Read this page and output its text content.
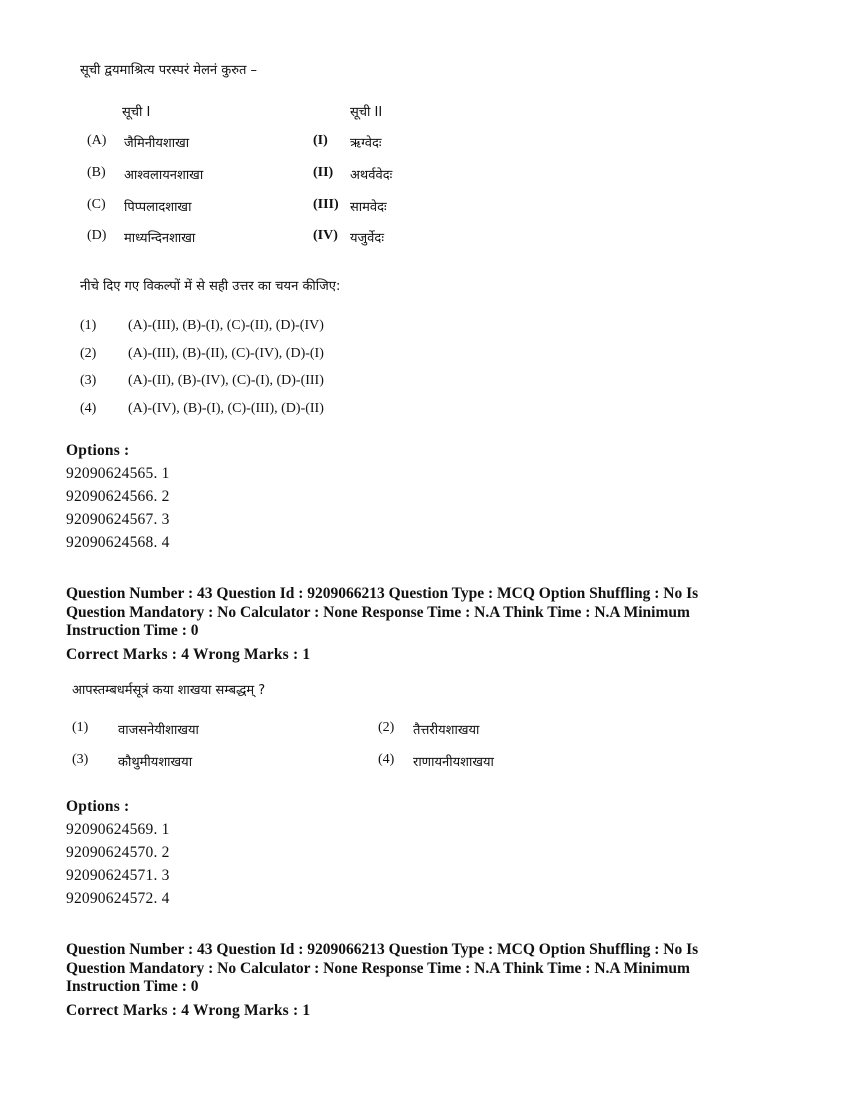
सूची द्वयमाश्रित्य परस्परं मेलनं कुरुत –
सूची I	सूची II
(A) जैमिनीयशाखा	(I) ऋग्वेदः
(B) आश्वलायनशाखा	(II) अथर्ववेदः
(C) पिप्पलादशाखा	(III) सामवेदः
(D) माध्यन्दिनशाखा	(IV) यजुर्वेदः
नीचे दिए गए विकल्पों में से सही उत्तर का चयन कीजिए:
(1) (A)-(III), (B)-(I), (C)-(II), (D)-(IV)
(2) (A)-(III), (B)-(II), (C)-(IV), (D)-(I)
(3) (A)-(II), (B)-(IV), (C)-(I), (D)-(III)
(4) (A)-(IV), (B)-(I), (C)-(III), (D)-(II)
Options :
92090624565. 1
92090624566. 2
92090624567. 3
92090624568. 4
Question Number : 43 Question Id : 9209066213 Question Type : MCQ Option Shuffling : No Is Question Mandatory : No Calculator : None Response Time : N.A Think Time : N.A Minimum Instruction Time : 0
Correct Marks : 4 Wrong Marks : 1
आपस्तम्बधर्मसूत्रं कया शाखया सम्बद्धम् ?
(1) वाजसनेयीशाखया	(2) तैत्तरीयशाखया
(3) कौथुमीयशाखया	(4) राणायनीयशाखया
Options :
92090624569. 1
92090624570. 2
92090624571. 3
92090624572. 4
Question Number : 43 Question Id : 9209066213 Question Type : MCQ Option Shuffling : No Is Question Mandatory : No Calculator : None Response Time : N.A Think Time : N.A Minimum Instruction Time : 0
Correct Marks : 4 Wrong Marks : 1
